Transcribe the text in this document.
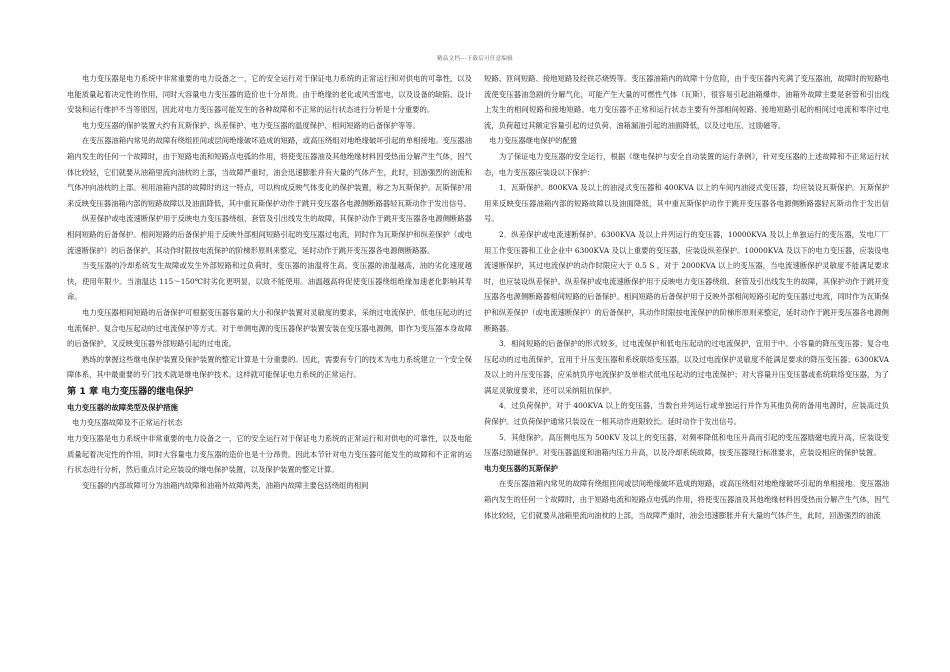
精品文档---下载后可任意编辑

电力变压器是电力系统中非常重要的电力设备之一，它的安全运行对于保证电力系统的正常运行和对供电的可靠性，以及电能质量起着决定性的作用，同时大容量电力变压器的造价也十分昂贵。由于绝缘的老化或风雪雷电，以及设备的缺陷、设计安装和运行维护不当等原因，因此对电力变压器可能发生的各种故障和不正常的运行状态进行分析是十分重要的。

电力变压器的保护装置大约有瓦斯保护、纵差保护、电力变压器的温度保护、相间短路的后备保护等等。

在变压器油箱内常见的故障有绕组匝间或层间绝缘破坏造成的短路，或高压绕组对地绝缘破坏引起的单相接地。变压器油箱内发生的任何一个故障时，由于短路电流和短路点电弧的作用，将使变压器油及其他绝缘材料因受热而分解产生气体，因气体比较轻，它们就要从油箱里流向油枕的上部，当故障严重时，油会迅速膨胀并有大量的气体产生，此时，回游强烈的油流和气体冲向油枕的上部。利用油箱内部的故障时的这一特点，可以构成反映气体变化的保护装置，称之为瓦斯保护。瓦斯保护用来反映变压器油箱内部的短路故障以及油面降低，其中重瓦斯保护动作于跳开变压器各电源侧断路器轻瓦斯动作于发出信号。

纵差保护或电流速断保护用于反映电力变压器绕组、套管及引出线发生的故障，其保护动作于跳开变压器各电源侧断路器相间短路的后备保护。相间短路的后备保护用于反映外部相间短路引起的变压器过电流，同时作为瓦斯保护和纵差保护（或电流速断保护）的后备保护，其动作时限按电流保护的阶梯形原则来整定，延时动作于跳开变压器各电源侧断路器。

当变压器的冷却系统发生故障或发生外部短路和过负荷时，变压器的油温将生高。变压器的油温越高，油的劣化速度越快，使用年限少。当油温达 115～150℃时劣化更明显，以致不能使用。油温越高将促使变压器绕组绝缘加速老化影响其寿命。

电力变压器相间短路的后备保护可根据变压器容量的大小和保护装置对灵敏度的要求，采纳过电流保护、低电压起动的过电流保护、复合电压起动的过电流保护等方式。对于单侧电源的变压器保护装置安装在变压器电源侧，即作为变压器本身故障的后备保护，又反映变压器外部短路引起的过电流。

熟练的掌握这些继电保护装置及保护装置的整定计算是十分重要的。因此，需要有专门的技术为电力系统建立一个安全保障体系，其中最重要的专门技术就是继电保护技术。这样就可能保证电力系统的正常运行。

第 1 章 电力变压器的继电保护
电力变压器的故障类型及保护措施

电力变压器故障及不正常运行状态

电力变压器是电力系统中非常重要的电力设备之一，它的安全运行对于保证电力系统的正常运行和对供电的可靠性，以及电能质量起着决定性的作用，同时大容量电力变压器的造价也是十分昂贵。因此本节针对电力变压器可能发生的故障和不正常的运行状态进行分析，然后重点讨论应装设的继电保护装置，以及保护装置的整定计算。

变压器的内部故障可分为油箱内故障和油箱外故障两类，油箱内故障主要包括绕组的相间

短路、匝间短路、接地短路及经铁芯烧毁等。变压器油箱内的故障十分危险，由于变压器内充满了变压器油，故障时的短路电流使变压器油急剧的分解气化，可能产生大量的可燃性气体（瓦斯），很容易引起油箱爆炸。油箱外故障主要是套管和引出线上发生的相间短路和接地短路。电力变压器不正常和运行状态主要有外部相间短路、接地短路引起的相间过电流和零序过电流，负荷超过其额定容量引起的过负荷、油箱漏油引起的油面降低，以及过电压、过励磁等。

电力变压器继电保护的配置

为了保证电力变压器的安全运行，根据《继电保护与安全自动装置的运行条例》，针对变压器的上述故障和不正常运行状态，电力变压器应装设以下保护：

1．瓦斯保护。800KVA 及以上的油浸式变压器和 400KVA 以上的车间内油浸式变压器，均应装设瓦斯保护。瓦斯保护用来反映变压器油箱内部的短路故障以及油面降低，其中重瓦斯保护动作于跳开变压器各电源侧断路器轻瓦斯动作于发出信号。

2．纵差保护或电流速断保护。6300KVA 及以上并列运行的变压器，10000KVA 及以上单独运行的变压器，发电厂厂用工作变压器和工业企业中 6300KVA 及以上重要的变压器，应装设纵差保护。10000KVA 及以下的电力变压器，应装设电流速断保护，其过电流保护的动作时限应大于 0.5 S 。对于 2000KVA 以上的变压器，当电流速断保护灵敏度不能满足要求时，也应装设纵差保护。纵差保护或电流速断保护用于反映电力变压器绕组、套管及引出线发生的故障，其保护动作于跳开变压器各电源侧断路器相间短路的后备保护。相间短路的后备保护用于反映外部相间短路引起的变压器过电流，同时作为瓦斯保护和纵差保护（或电流速断保护）的后备保护，其动作时限按电流保护的阶梯形原则来整定，延时动作于跳开变压器各电源侧断路器。

3．相间短路的后备保护的形式较多，过电流保护和低电压起动的过电流保护，宜用于中、小容量的降压变压器；复合电压起动的过电流保护，宜用于升压变压器和系统联络变压器，以及过电流保护灵敏度不能满足要求的降压变压器；6300KVA 及以上的升压变压器，应采纳负序电流保护及单相式低电压起动的过电流保护；对大容量升压变压器或系统联络变压器，为了满足灵敏度要求，还可以采纳阻抗保护。

4．过负荷保护。对于 400KVA 以上的变压器，当数台并列运行或单独运行并作为其他负荷的备用电源时，应装高过负荷保护。过负荷保护通常只装设在一相其动作进限较长。延时动作于发出信号。

5．其他保护。高压侧电压为 500KV 及以上的变压器，对频率降低和电压升高而引起的变压器励磁电流升高，应装设变压器过励磁保护。对变压器温度和油箱内压力升高，以及冷却系统故障，按变压器现行标准要求，应装设相应的保护装置。

电力变压器的瓦斯保护

在变压器油箱内常见的故障有绕组匝间或层间绝缘破坏造成的短路，或高压绕组对地绝缘破坏引起的单相接地。变压器油箱内发生的任何一个故障时，由于短路电流和短路点电弧的作用，将使变压器油及其他绝缘材料因受热而分解产生气体，因气体比较轻，它们就要从油箱里流向油枕的上部，当故障严重时，油会迅速膨胀并有大量的气体产生，此时，回游强烈的油流
